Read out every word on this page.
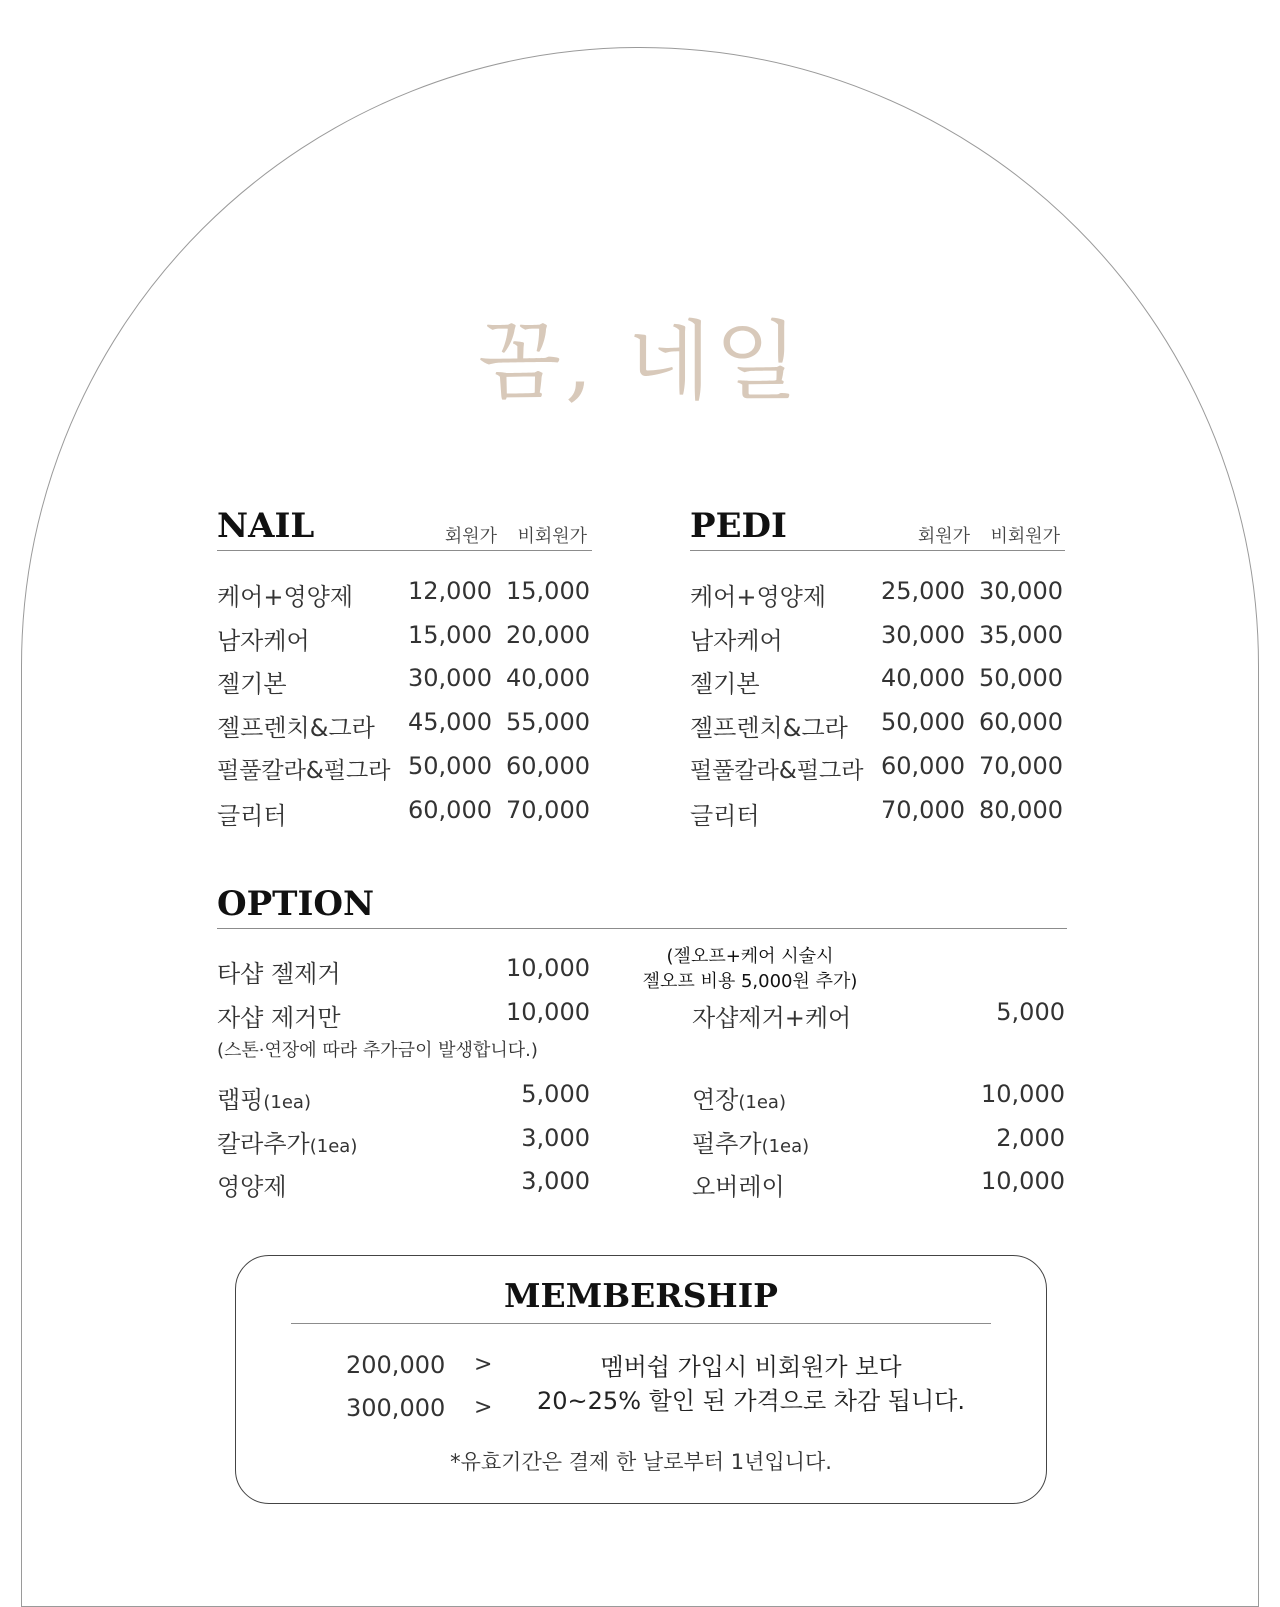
꼼, 네일
NAIL	회원가	비회원가
케어+영양제	12,000 15,000
남자케어	15,000 20,000
젤기본	30,000 40,000
젤프렌치&그라	45,000 55,000
펄풀칼라&펄그라 50,000 60,000
글리터	60,000 70,000
PEDI	회원가	비회원가
케어+영양제	25,000 30,000
남자케어	30,000 35,000
젤기본	40,000 50,000
젤프렌치&그라	50,000 60,000
펄풀칼라&펄그라 60,000 70,000
글리터	70,000 80,000
OPTION
타샵 젤제거	10,000
자샵 제거만	10,000
(스톤·연장에 따라 추가금이 발생합니다.)
랩핑(1ea)	5,000
칼라추가(1ea)	3,000
영양제	3,000
(젤오프+케어 시술시
젤오프 비용 5,000원 추가)
자샵제거+케어	5,000
연장(1ea)	10,000
펄추가(1ea)	2,000
오버레이	10,000
MEMBERSHIP
200,000 >
300,000 >
멤버쉽 가입시 비회원가 보다
20~25% 할인 된 가격으로 차감 됩니다.
*유효기간은 결제 한 날로부터 1년입니다.
